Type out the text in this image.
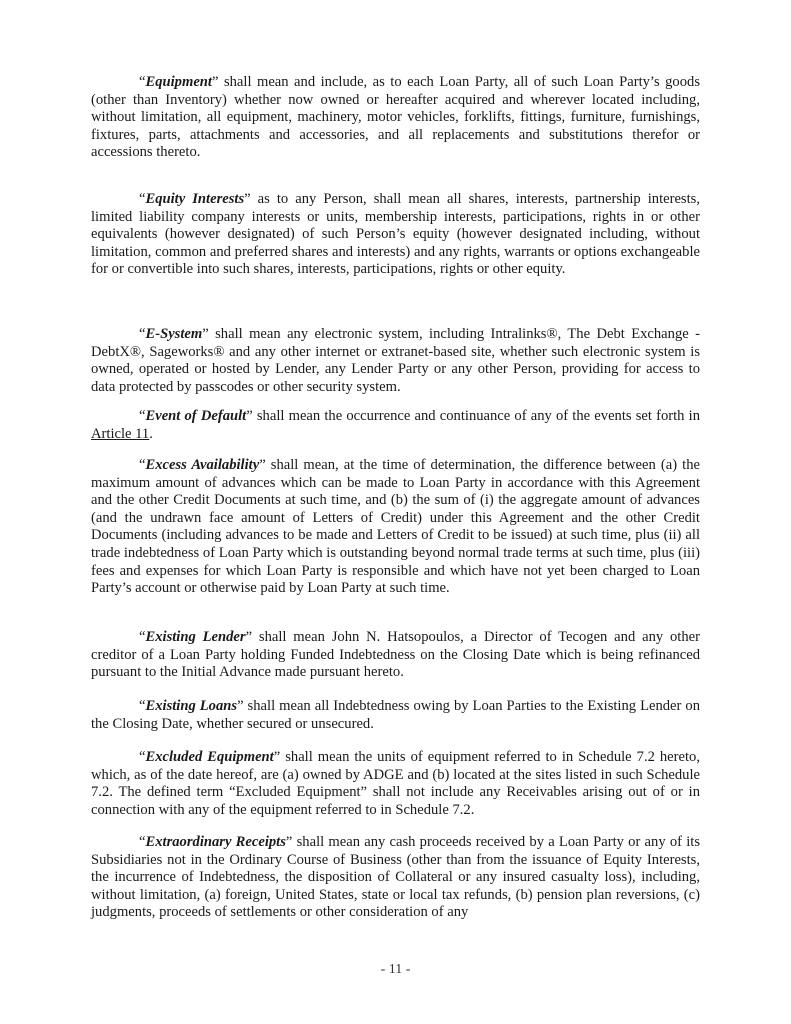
“Equipment” shall mean and include, as to each Loan Party, all of such Loan Party’s goods (other than Inventory) whether now owned or hereafter acquired and wherever located including, without limitation, all equipment, machinery, motor vehicles, forklifts, fittings, furniture, furnishings, fixtures, parts, attachments and accessories, and all replacements and substitutions therefor or accessions thereto.

“Equity Interests” as to any Person, shall mean all shares, interests, partnership interests, limited liability company interests or units, membership interests, participations, rights in or other equivalents (however designated) of such Person’s equity (however designated including, without limitation, common and preferred shares and interests) and any rights, warrants or options exchangeable for or convertible into such shares, interests, participations, rights or other equity.

“E-System” shall mean any electronic system, including Intralinks®, The Debt Exchange - DebtX®, Sageworks® and any other internet or extranet-based site, whether such electronic system is owned, operated or hosted by Lender, any Lender Party or any other Person, providing for access to data protected by passcodes or other security system.

“Event of Default” shall mean the occurrence and continuance of any of the events set forth in Article 11.

“Excess Availability” shall mean, at the time of determination, the difference between (a) the maximum amount of advances which can be made to Loan Party in accordance with this Agreement and the other Credit Documents at such time, and (b) the sum of (i) the aggregate amount of advances (and the undrawn face amount of Letters of Credit) under this Agreement and the other Credit Documents (including advances to be made and Letters of Credit to be issued) at such time, plus (ii) all trade indebtedness of Loan Party which is outstanding beyond normal trade terms at such time, plus (iii) fees and expenses for which Loan Party is responsible and which have not yet been charged to Loan Party’s account or otherwise paid by Loan Party at such time.

“Existing Lender” shall mean John N. Hatsopoulos, a Director of Tecogen and any other creditor of a Loan Party holding Funded Indebtedness on the Closing Date which is being refinanced pursuant to the Initial Advance made pursuant hereto.

“Existing Loans” shall mean all Indebtedness owing by Loan Parties to the Existing Lender on the Closing Date, whether secured or unsecured.

“Excluded Equipment” shall mean the units of equipment referred to in Schedule 7.2 hereto, which, as of the date hereof, are (a) owned by ADGE and (b) located at the sites listed in such Schedule 7.2. The defined term “Excluded Equipment” shall not include any Receivables arising out of or in connection with any of the equipment referred to in Schedule 7.2.

“Extraordinary Receipts” shall mean any cash proceeds received by a Loan Party or any of its Subsidiaries not in the Ordinary Course of Business (other than from the issuance of Equity Interests, the incurrence of Indebtedness, the disposition of Collateral or any insured casualty loss), including, without limitation, (a) foreign, United States, state or local tax refunds, (b) pension plan reversions, (c) judgments, proceeds of settlements or other consideration of any

- 11 -
